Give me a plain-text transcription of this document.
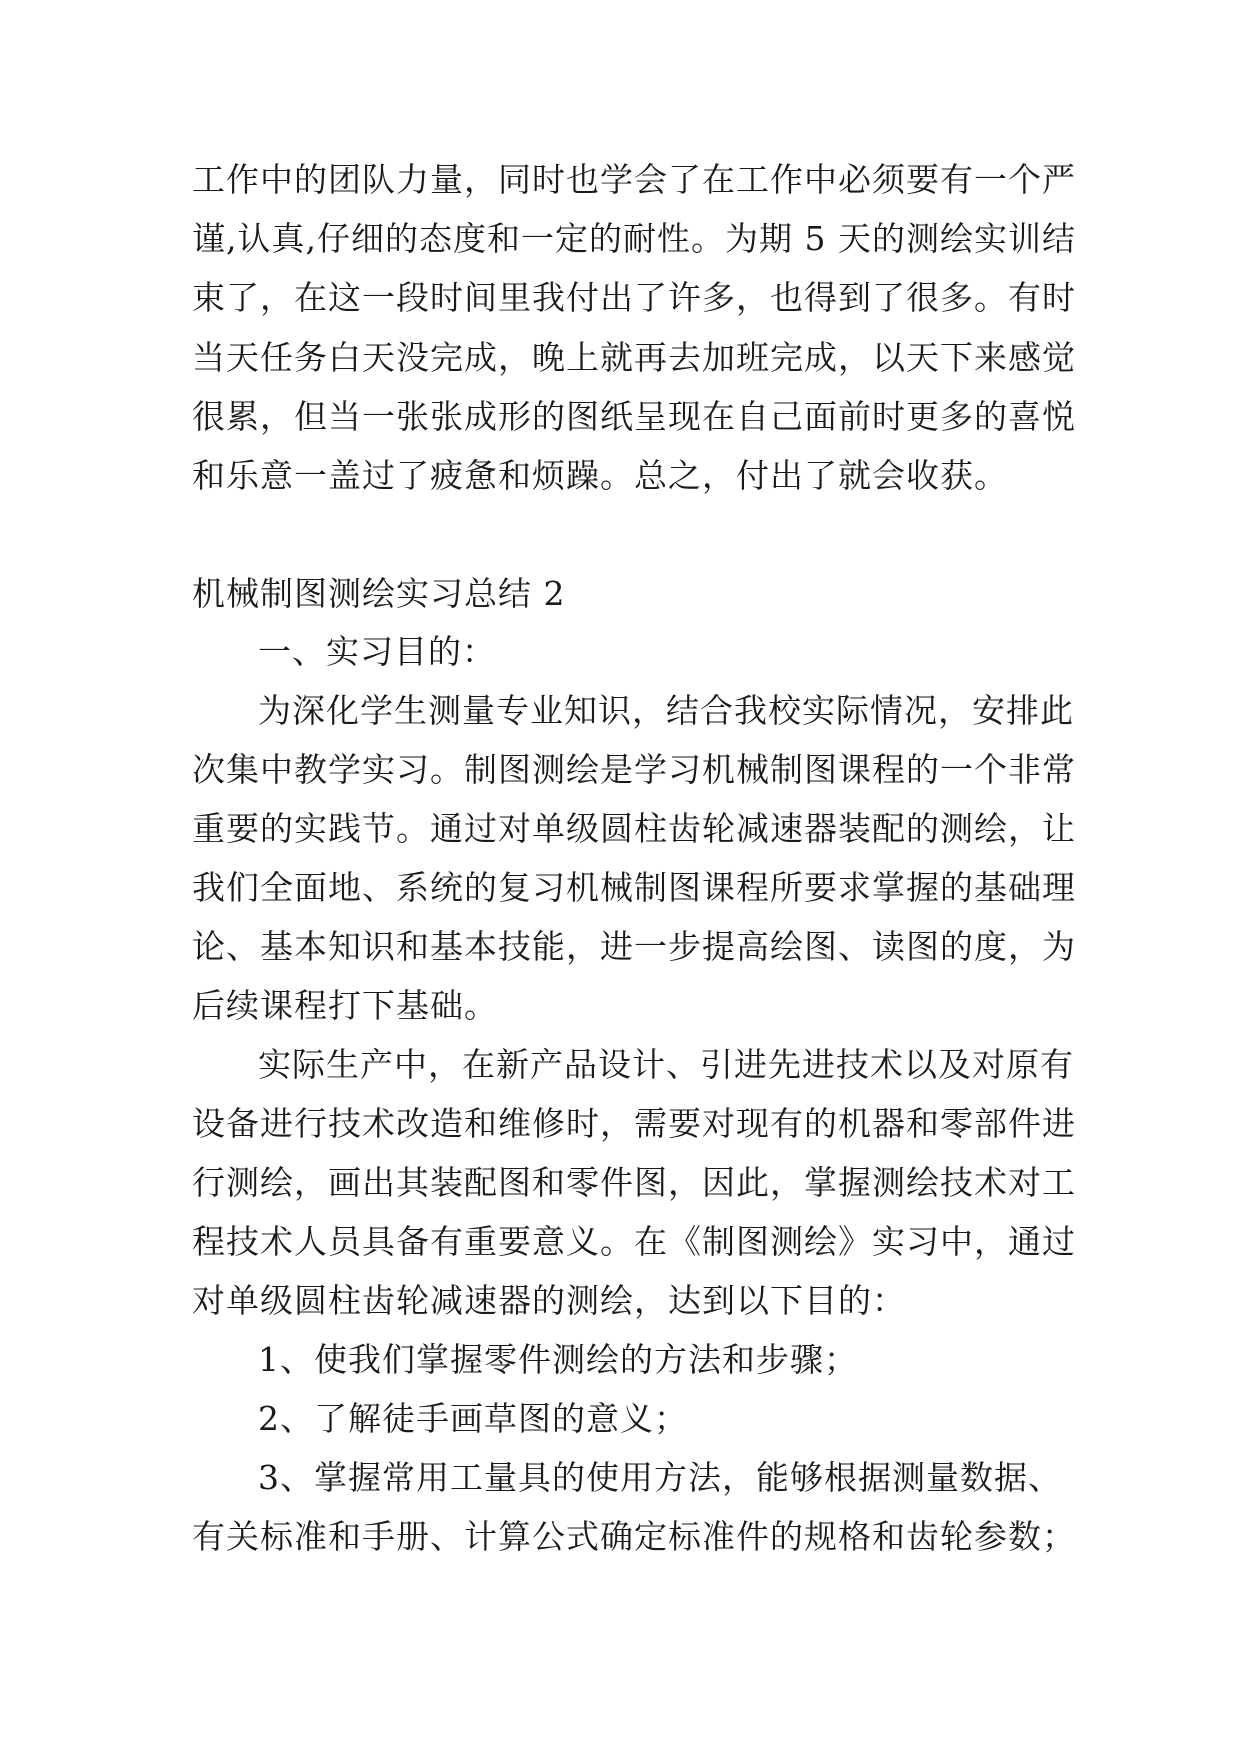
工作中的团队力量，同时也学会了在工作中必须要有一个严
谨,认真,仔细的态度和一定的耐性。为期 5 天的测绘实训结
束了，在这一段时间里我付出了许多，也得到了很多。有时
当天任务白天没完成，晚上就再去加班完成，以天下来感觉
很累，但当一张张成形的图纸呈现在自己面前时更多的喜悦
和乐意一盖过了疲惫和烦躁。总之，付出了就会收获。
机械制图测绘实习总结 2
一、实习目的：
为深化学生测量专业知识，结合我校实际情况，安排此
次集中教学实习。制图测绘是学习机械制图课程的一个非常
重要的实践节。通过对单级圆柱齿轮减速器装配的测绘，让
我们全面地、系统的复习机械制图课程所要求掌握的基础理
论、基本知识和基本技能，进一步提高绘图、读图的度，为
后续课程打下基础。
实际生产中，在新产品设计、引进先进技术以及对原有
设备进行技术改造和维修时，需要对现有的机器和零部件进
行测绘，画出其装配图和零件图，因此，掌握测绘技术对工
程技术人员具备有重要意义。在《制图测绘》实习中，通过
对单级圆柱齿轮减速器的测绘，达到以下目的：
1、使我们掌握零件测绘的方法和步骤；
2、了解徒手画草图的意义；
3、掌握常用工量具的使用方法，能够根据测量数据、
有关标准和手册、计算公式确定标准件的规格和齿轮参数；
